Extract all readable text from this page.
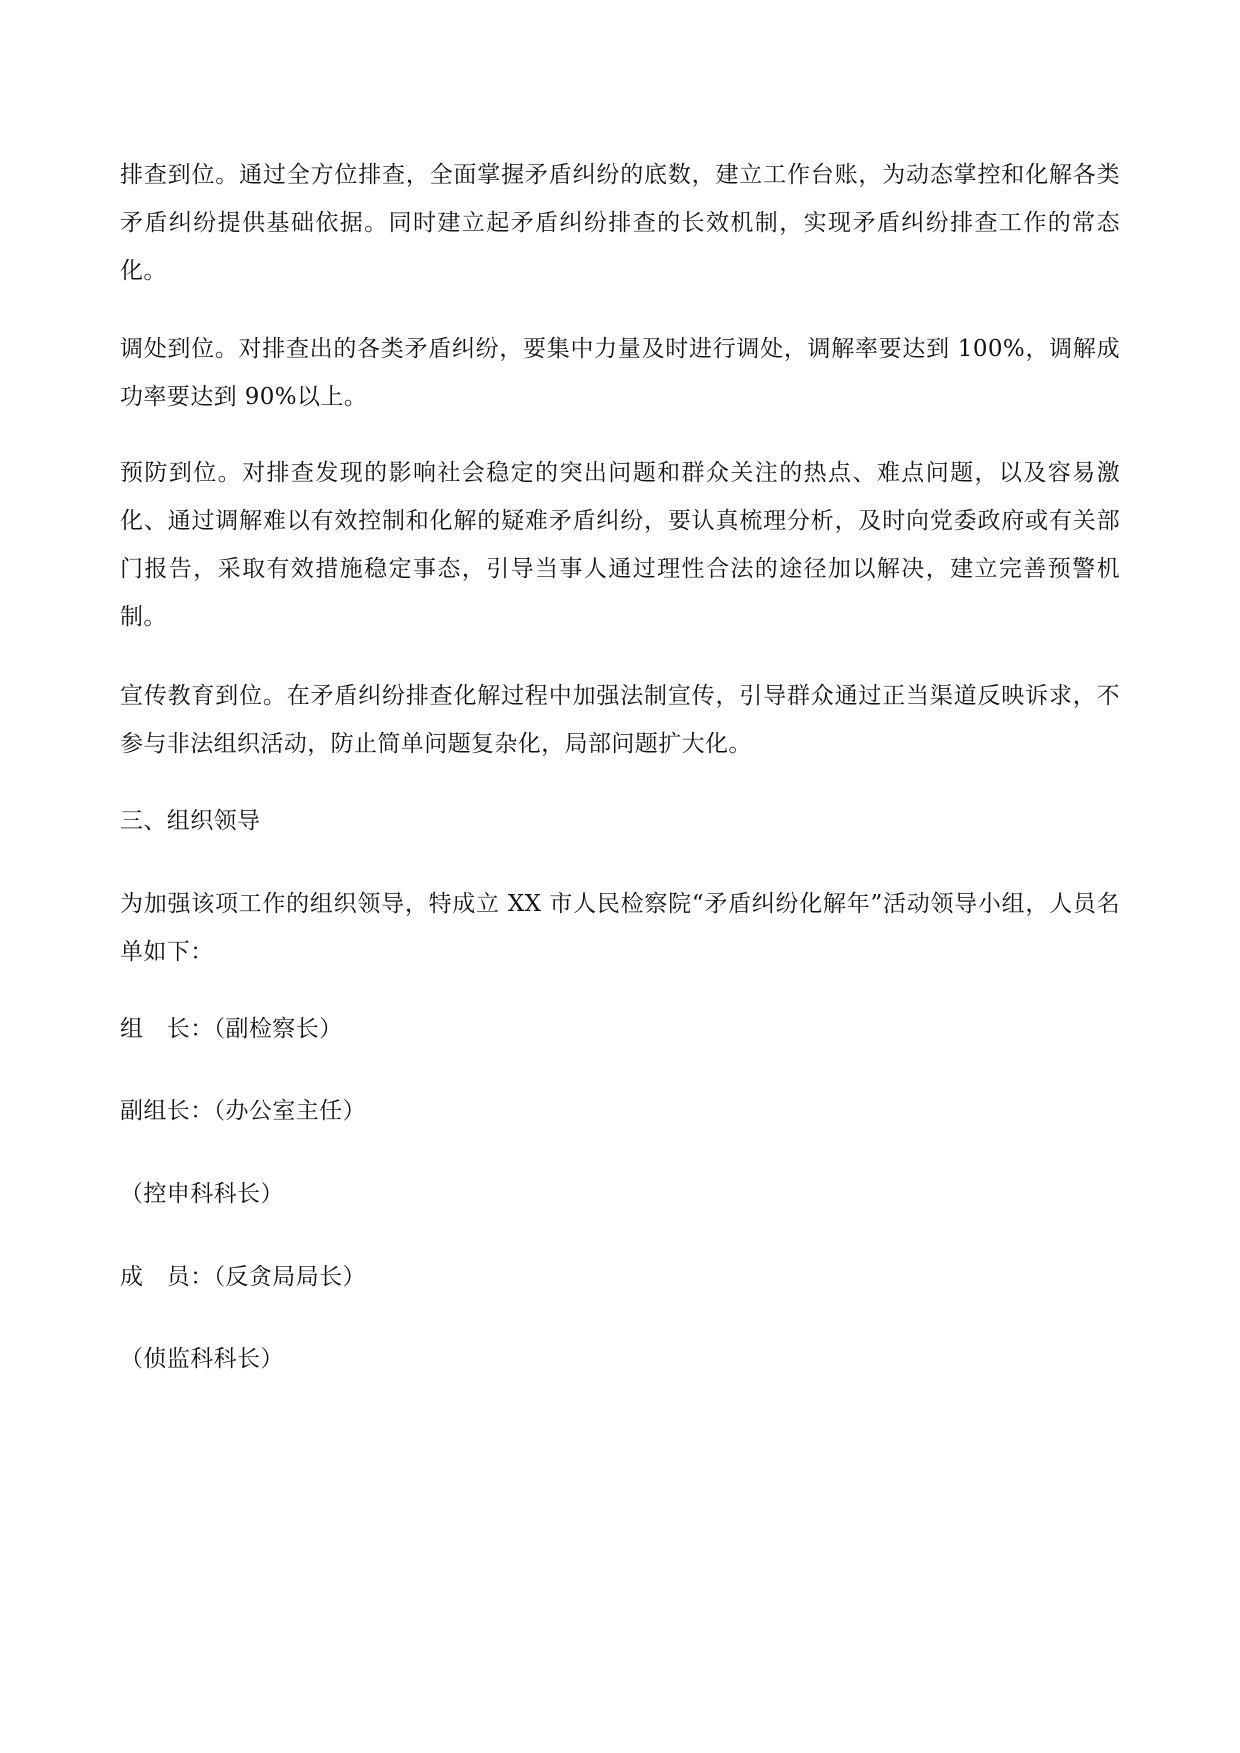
排查到位。通过全方位排查，全面掌握矛盾纠纷的底数，建立工作台账，为动态掌控和化解各类矛盾纠纷提供基础依据。同时建立起矛盾纠纷排查的长效机制，实现矛盾纠纷排查工作的常态化。

调处到位。对排查出的各类矛盾纠纷，要集中力量及时进行调处，调解率要达到 100%，调解成功率要达到 90%以上。

预防到位。对排查发现的影响社会稳定的突出问题和群众关注的热点、难点问题，以及容易激化、通过调解难以有效控制和化解的疑难矛盾纠纷，要认真梳理分析，及时向党委政府或有关部门报告，采取有效措施稳定事态，引导当事人通过理性合法的途径加以解决，建立完善预警机制。

宣传教育到位。在矛盾纠纷排查化解过程中加强法制宣传，引导群众通过正当渠道反映诉求，不参与非法组织活动，防止简单问题复杂化，局部问题扩大化。

三、组织领导

为加强该项工作的组织领导，特成立 XX 市人民检察院“矛盾纠纷化解年”活动领导小组，人员名单如下：

组　长：（副检察长）

副组长：（办公室主任）

（控申科科长）

成　员：（反贪局局长）

（侦监科科长）
